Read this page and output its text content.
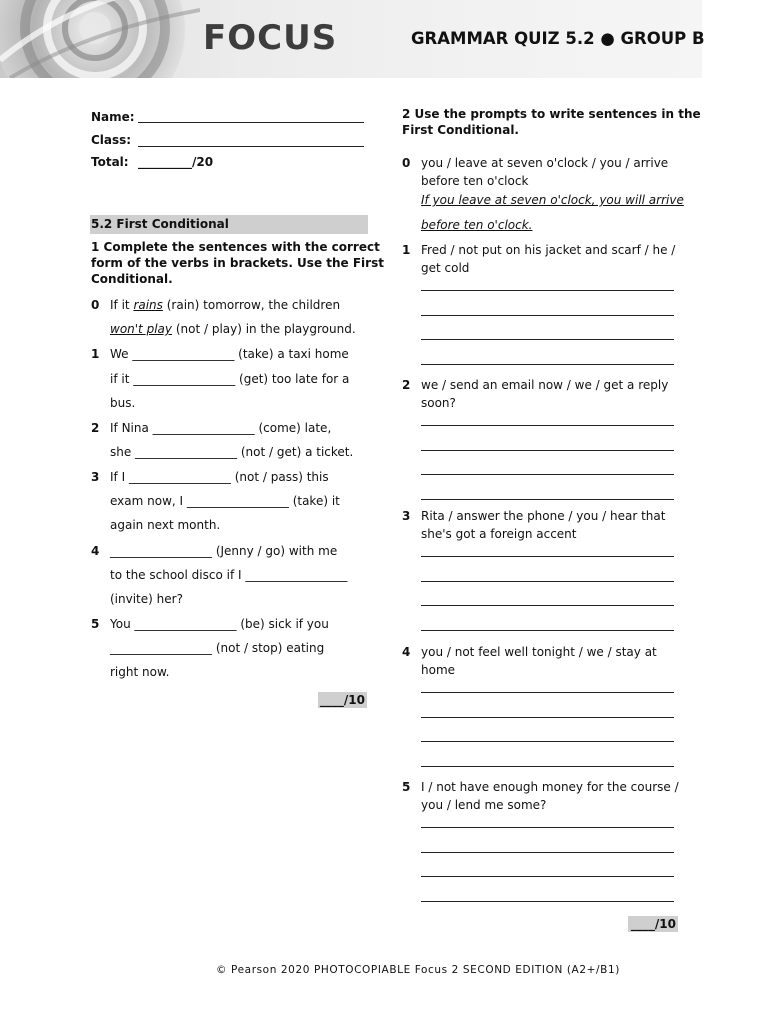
FOCUS	GRAMMAR QUIZ 5.2 ● GROUP B
Name:
Class:
Total: _________/20
5.2 First Conditional
1 Complete the sentences with the correct
form of the verbs in brackets. Use the First
Conditional.
0 If it rains (rain) tomorrow, the children
won't play (not / play) in the playground.
1 We _________________ (take) a taxi home
if it _________________ (get) too late for a
bus.
2 If Nina _________________ (come) late,
she _________________ (not / get) a ticket.
3 If I _________________ (not / pass) this
exam now, I _________________ (take) it
again next month.
4 _________________ (Jenny / go) with me
to the school disco if I _________________
(invite) her?
5 You _________________ (be) sick if you
_________________ (not / stop) eating
right now.
____/10
2 Use the prompts to write sentences in the
First Conditional.
0 you / leave at seven o'clock / you / arrive
before ten o'clock
If you leave at seven o'clock, you will arrive
before ten o'clock.
1 Fred / not put on his jacket and scarf / he /
get cold
2 we / send an email now / we / get a reply
soon?
3 Rita / answer the phone / you / hear that
she's got a foreign accent
4 you / not feel well tonight / we / stay at
home
5 I / not have enough money for the course /
you / lend me some?
____/10
© Pearson 2020 PHOTOCOPIABLE Focus 2 SECOND EDITION (A2+/B1)
